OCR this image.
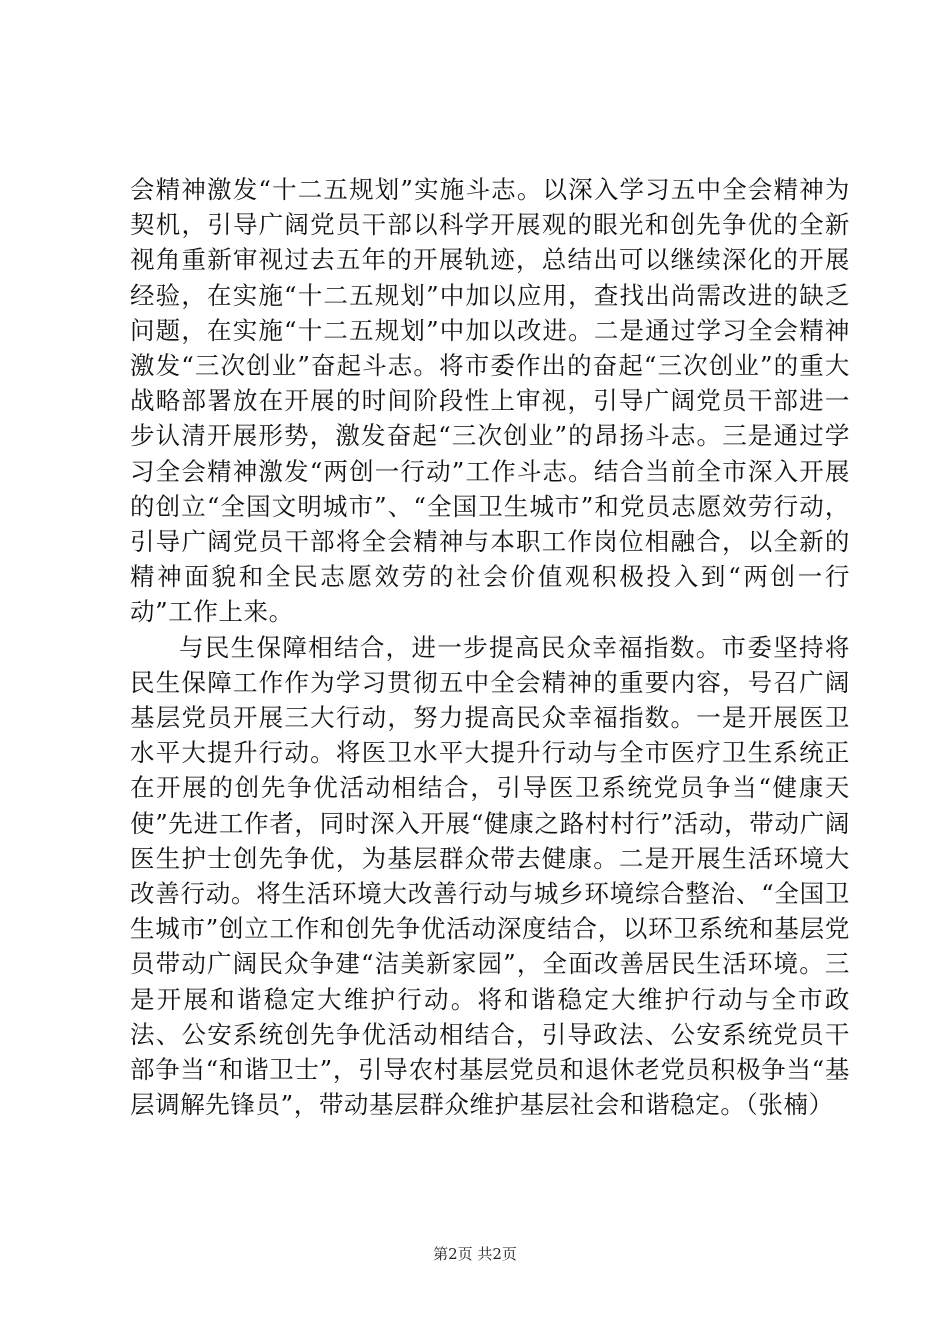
会精神激发“十二五规划”实施斗志。以深入学习五中全会精神为契机，引导广阔党员干部以科学开展观的眼光和创先争优的全新视角重新审视过去五年的开展轨迹，总结出可以继续深化的开展经验，在实施“十二五规划”中加以应用，查找出尚需改进的缺乏问题，在实施“十二五规划”中加以改进。二是通过学习全会精神激发“三次创业”奋起斗志。将市委作出的奋起“三次创业”的重大战略部署放在开展的时间阶段性上审视，引导广阔党员干部进一步认清开展形势，激发奋起“三次创业”的昂扬斗志。三是通过学习全会精神激发“两创一行动”工作斗志。结合当前全市深入开展的创立“全国文明城市”、“全国卫生城市”和党员志愿效劳行动，引导广阔党员干部将全会精神与本职工作岗位相融合，以全新的精神面貌和全民志愿效劳的社会价值观积极投入到“两创一行动”工作上来。

与民生保障相结合，进一步提高民众幸福指数。市委坚持将民生保障工作作为学习贯彻五中全会精神的重要内容，号召广阔基层党员开展三大行动，努力提高民众幸福指数。一是开展医卫水平大提升行动。将医卫水平大提升行动与全市医疗卫生系统正在开展的创先争优活动相结合，引导医卫系统党员争当“健康天使”先进工作者，同时深入开展“健康之路村村行”活动，带动广阔医生护士创先争优，为基层群众带去健康。二是开展生活环境大改善行动。将生活环境大改善行动与城乡环境综合整治、“全国卫生城市”创立工作和创先争优活动深度结合，以环卫系统和基层党员带动广阔民众争建“洁美新家园”，全面改善居民生活环境。三是开展和谐稳定大维护行动。将和谐稳定大维护行动与全市政法、公安系统创先争优活动相结合，引导政法、公安系统党员干部争当“和谐卫士”，引导农村基层党员和退休老党员积极争当“基层调解先锋员”，带动基层群众维护基层社会和谐稳定。（张楠）

第2页 共2页
